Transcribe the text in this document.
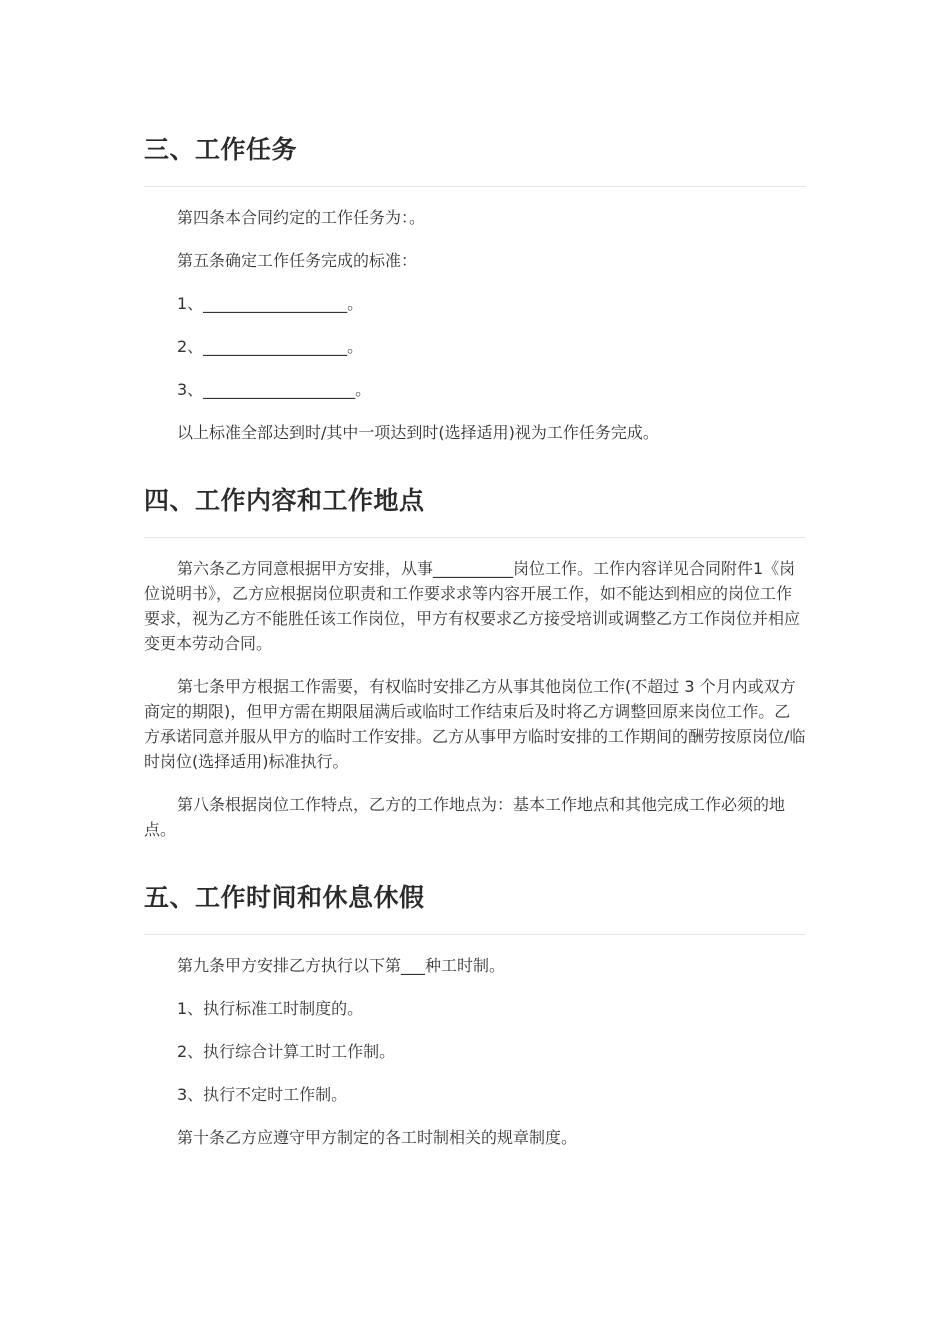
三、工作任务

第四条本合同约定的工作任务为：。

第五条确定工作任务完成的标准：

1、__________________。

2、__________________。

3、___________________。

以上标准全部达到时/其中一项达到时(选择适用)视为工作任务完成。

四、工作内容和工作地点

第六条乙方同意根据甲方安排，从事__________岗位工作。工作内容详见合同附件1《岗位说明书》，乙方应根据岗位职责和工作要求求等内容开展工作，如不能达到相应的岗位工作要求，视为乙方不能胜任该工作岗位，甲方有权要求乙方接受培训或调整乙方工作岗位并相应变更本劳动合同。

第七条甲方根据工作需要，有权临时安排乙方从事其他岗位工作(不超过 3 个月内或双方商定的期限)，但甲方需在期限届满后或临时工作结束后及时将乙方调整回原来岗位工作。乙方承诺同意并服从甲方的临时工作安排。乙方从事甲方临时安排的工作期间的酬劳按原岗位/临时岗位(选择适用)标准执行。

第八条根据岗位工作特点，乙方的工作地点为：基本工作地点和其他完成工作必须的地点。

五、工作时间和休息休假

第九条甲方安排乙方执行以下第___种工时制。

1、执行标准工时制度的。

2、执行综合计算工时工作制。

3、执行不定时工作制。

第十条乙方应遵守甲方制定的各工时制相关的规章制度。
